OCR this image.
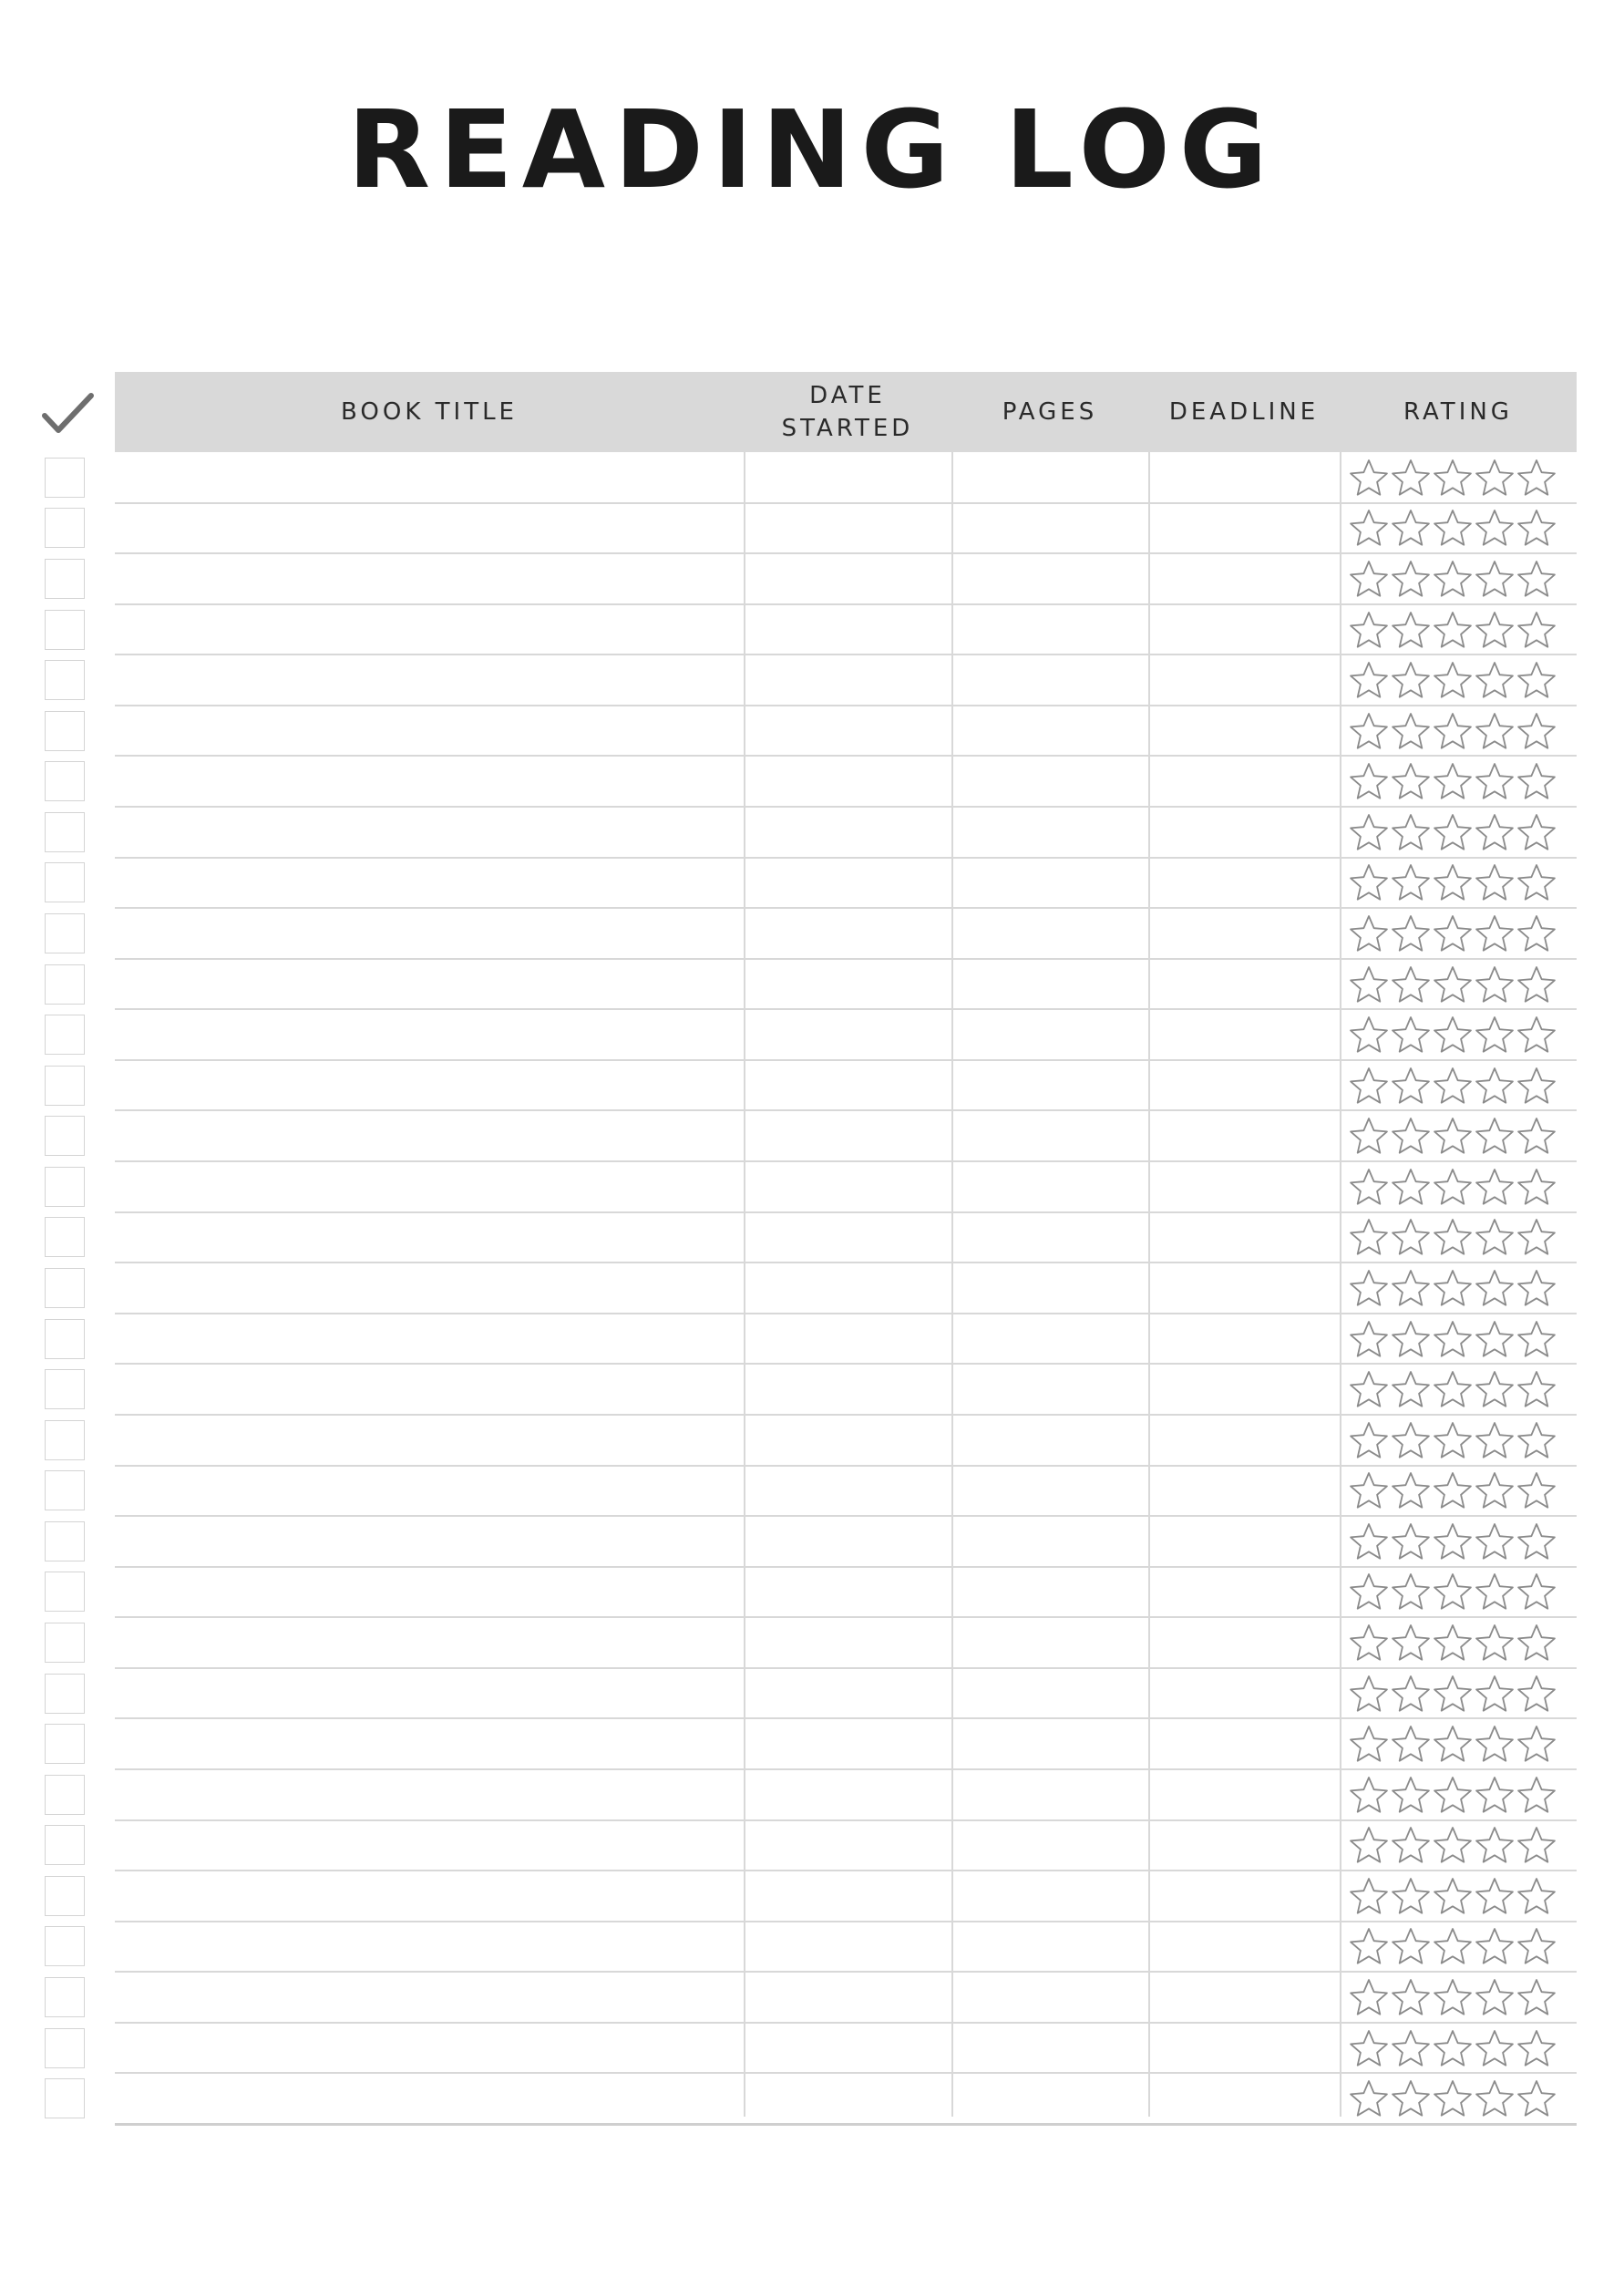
READING LOG
BOOK TITLE
DATE
STARTED
PAGES	DEADLINE	RATING
